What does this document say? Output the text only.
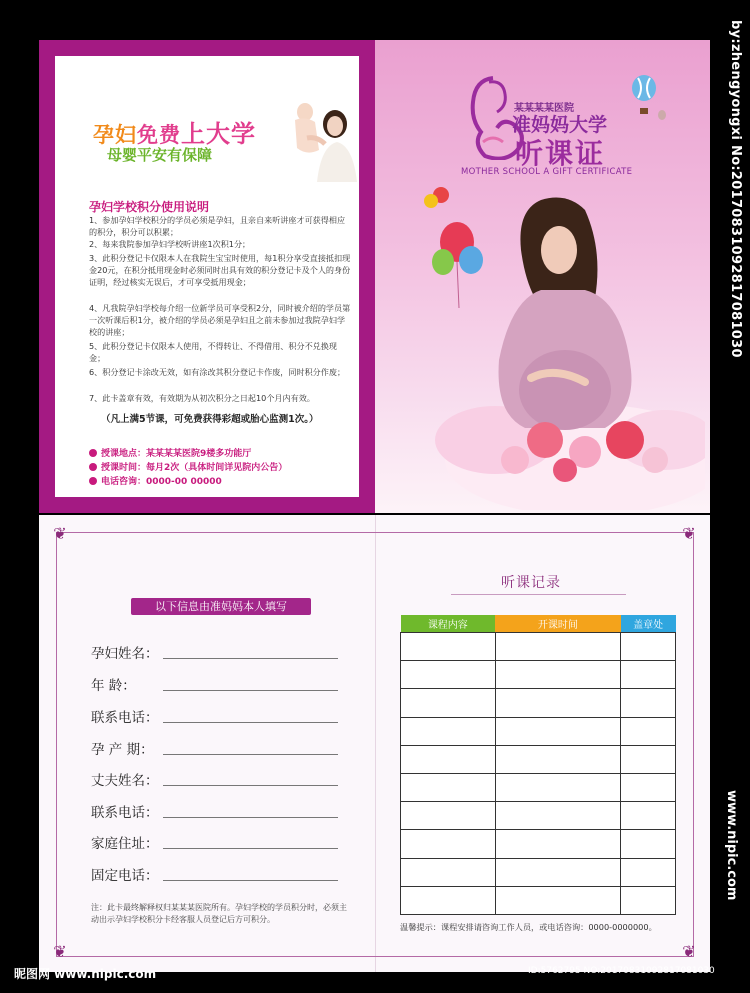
孕妇免费上大学
母婴平安有保障
孕妇学校积分使用说明
1、参加孕妇学校积分的学员必须是孕妇，且亲自来听讲座才可获得相应的积分，积分可以积累；
2、每来我院参加孕妇学校听讲座1次积1分；
3、此积分登记卡仅限本人在我院生宝宝时使用，每1积分享受直接抵扣现金20元，在积分抵用现金时必须同时出具有效的积分登记卡及个人的身份证明，经过核实无误后，才可享受抵用现金；
4、凡我院孕妇学校每介绍一位新学员可享受积2分，同时被介绍的学员第一次听课后积1分，被介绍的学员必须是孕妇且之前未参加过我院孕妇学校的讲座；
5、此积分登记卡仅限本人使用，不得转让、不得借用、积分不兑换现金；
6、积分登记卡涂改无效，如有涂改其积分登记卡作废，同时积分作废；
7、此卡盖章有效，有效期为从初次积分之日起10个月内有效。
（凡上满5节课，可免费获得彩超或胎心监测1次。）
授课地点：某某某某医院9楼多功能厅
授课时间：每月2次（具体时间详见院内公告）
电话咨询：0000-00 00000
某某某某医院
准妈妈大学
听课证
MOTHER SCHOOL A GIFT CERTIFICATE
❦	❦
❦	❦
以下信息由准妈妈本人填写
孕妇姓名：
年 龄：
联系电话：
孕 产 期：
丈夫姓名：
联系电话：
家庭住址：
固定电话：
注：此卡最终解释权归某某某医院所有。孕妇学校的学员积分时，必须主动出示孕妇学校积分卡经客服人员登记后方可积分。
听课记录
课程内容	开课时间	盖章处

温馨提示：课程安排请咨询工作人员，或电话咨询：0000-0000000。
by:zhengyongxi No:20170831092817081030
www.nipic.com
昵图网 www.nipic.com	ID:5762795 NO:20170831092817081030
